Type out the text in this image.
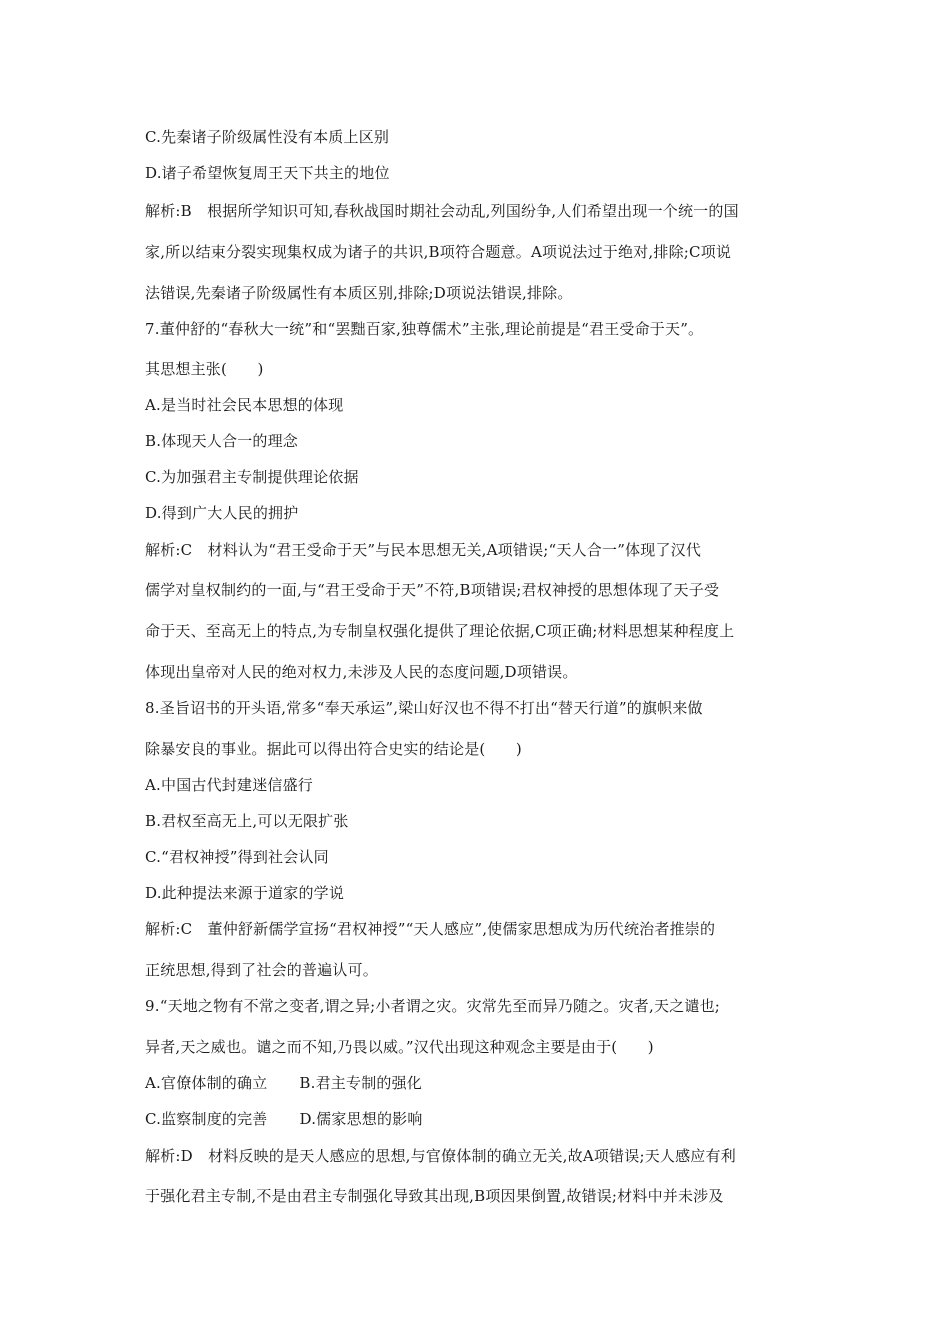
C.先秦诸子阶级属性没有本质上区别
D.诸子希望恢复周王天下共主的地位
解析:B　根据所学知识可知,春秋战国时期社会动乱,列国纷争,人们希望出现一个统一的国
家,所以结束分裂实现集权成为诸子的共识,B项符合题意。A项说法过于绝对,排除;C项说
法错误,先秦诸子阶级属性有本质区别,排除;D项说法错误,排除。
7.董仲舒的“春秋大一统”和“罢黜百家,独尊儒术”主张,理论前提是“君王受命于天”。
其思想主张(　　)
A.是当时社会民本思想的体现
B.体现天人合一的理念
C.为加强君主专制提供理论依据
D.得到广大人民的拥护
解析:C　材料认为“君王受命于天”与民本思想无关,A项错误;“天人合一”体现了汉代
儒学对皇权制约的一面,与“君王受命于天”不符,B项错误;君权神授的思想体现了天子受
命于天、至高无上的特点,为专制皇权强化提供了理论依据,C项正确;材料思想某种程度上
体现出皇帝对人民的绝对权力,未涉及人民的态度问题,D项错误。
8.圣旨诏书的开头语,常多“奉天承运”,梁山好汉也不得不打出“替天行道”的旗帜来做
除暴安良的事业。据此可以得出符合史实的结论是(　　)
A.中国古代封建迷信盛行
B.君权至高无上,可以无限扩张
C.“君权神授”得到社会认同
D.此种提法来源于道家的学说
解析:C　董仲舒新儒学宣扬“君权神授”“天人感应”,使儒家思想成为历代统治者推崇的
正统思想,得到了社会的普遍认可。
9.“天地之物有不常之变者,谓之异;小者谓之灾。灾常先至而异乃随之。灾者,天之谴也;
异者,天之威也。谴之而不知,乃畏以威。”汉代出现这种观念主要是由于(　　)
A.官僚体制的确立 B.君主专制的强化
C.监察制度的完善 D.儒家思想的影响
解析:D　材料反映的是天人感应的思想,与官僚体制的确立无关,故A项错误;天人感应有利
于强化君主专制,不是由君主专制强化导致其出现,B项因果倒置,故错误;材料中并未涉及
